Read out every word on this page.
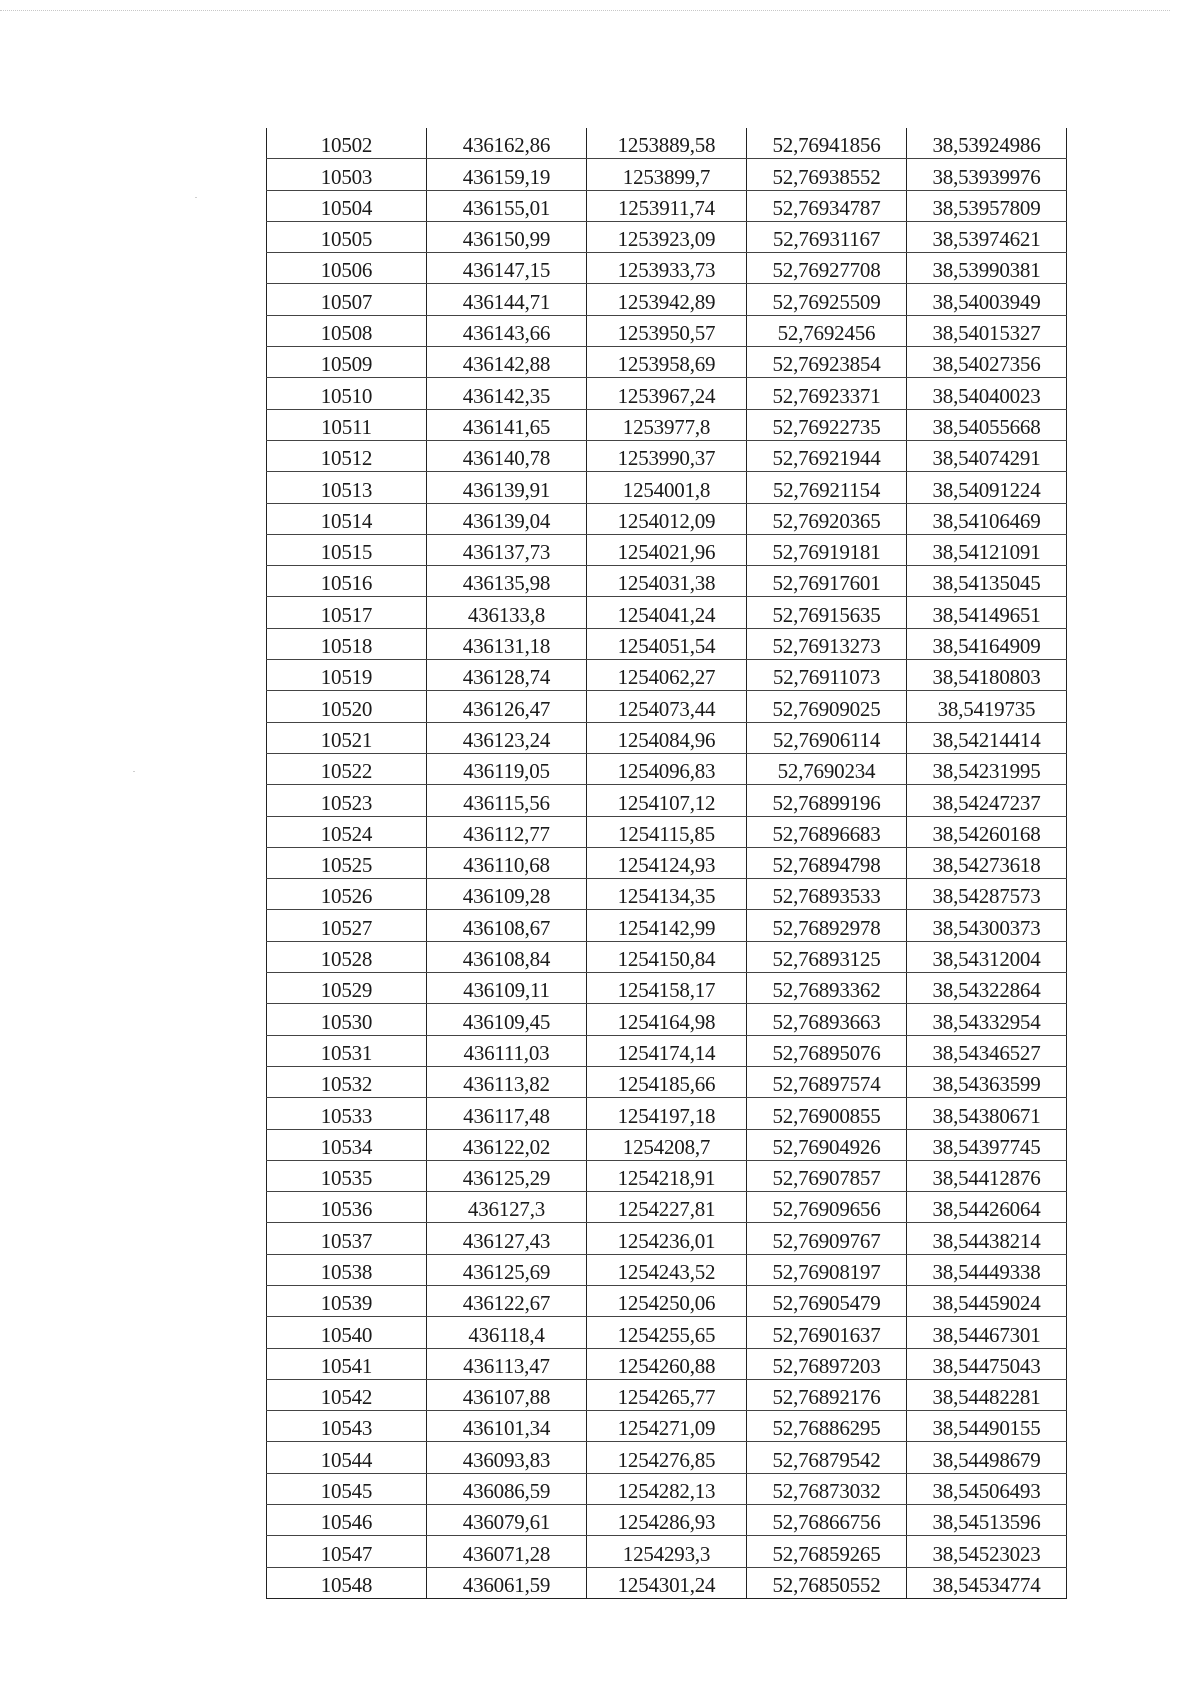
10502	436162,86	1253889,58	52,76941856	38,53924986
10503	436159,19	1253899,7	52,76938552	38,53939976
10504	436155,01	1253911,74	52,76934787	38,53957809
10505	436150,99	1253923,09	52,76931167	38,53974621
10506	436147,15	1253933,73	52,76927708	38,53990381
10507	436144,71	1253942,89	52,76925509	38,54003949
10508	436143,66	1253950,57	52,7692456	38,54015327
10509	436142,88	1253958,69	52,76923854	38,54027356
10510	436142,35	1253967,24	52,76923371	38,54040023
10511	436141,65	1253977,8	52,76922735	38,54055668
10512	436140,78	1253990,37	52,76921944	38,54074291
10513	436139,91	1254001,8	52,76921154	38,54091224
10514	436139,04	1254012,09	52,76920365	38,54106469
10515	436137,73	1254021,96	52,76919181	38,54121091
10516	436135,98	1254031,38	52,76917601	38,54135045
10517	436133,8	1254041,24	52,76915635	38,54149651
10518	436131,18	1254051,54	52,76913273	38,54164909
10519	436128,74	1254062,27	52,76911073	38,54180803
10520	436126,47	1254073,44	52,76909025	38,5419735
10521	436123,24	1254084,96	52,76906114	38,54214414
10522	436119,05	1254096,83	52,7690234	38,54231995
10523	436115,56	1254107,12	52,76899196	38,54247237
10524	436112,77	1254115,85	52,76896683	38,54260168
10525	436110,68	1254124,93	52,76894798	38,54273618
10526	436109,28	1254134,35	52,76893533	38,54287573
10527	436108,67	1254142,99	52,76892978	38,54300373
10528	436108,84	1254150,84	52,76893125	38,54312004
10529	436109,11	1254158,17	52,76893362	38,54322864
10530	436109,45	1254164,98	52,76893663	38,54332954
10531	436111,03	1254174,14	52,76895076	38,54346527
10532	436113,82	1254185,66	52,76897574	38,54363599
10533	436117,48	1254197,18	52,76900855	38,54380671
10534	436122,02	1254208,7	52,76904926	38,54397745
10535	436125,29	1254218,91	52,76907857	38,54412876
10536	436127,3	1254227,81	52,76909656	38,54426064
10537	436127,43	1254236,01	52,76909767	38,54438214
10538	436125,69	1254243,52	52,76908197	38,54449338
10539	436122,67	1254250,06	52,76905479	38,54459024
10540	436118,4	1254255,65	52,76901637	38,54467301
10541	436113,47	1254260,88	52,76897203	38,54475043
10542	436107,88	1254265,77	52,76892176	38,54482281
10543	436101,34	1254271,09	52,76886295	38,54490155
10544	436093,83	1254276,85	52,76879542	38,54498679
10545	436086,59	1254282,13	52,76873032	38,54506493
10546	436079,61	1254286,93	52,76866756	38,54513596
10547	436071,28	1254293,3	52,76859265	38,54523023
10548	436061,59	1254301,24	52,76850552	38,54534774
